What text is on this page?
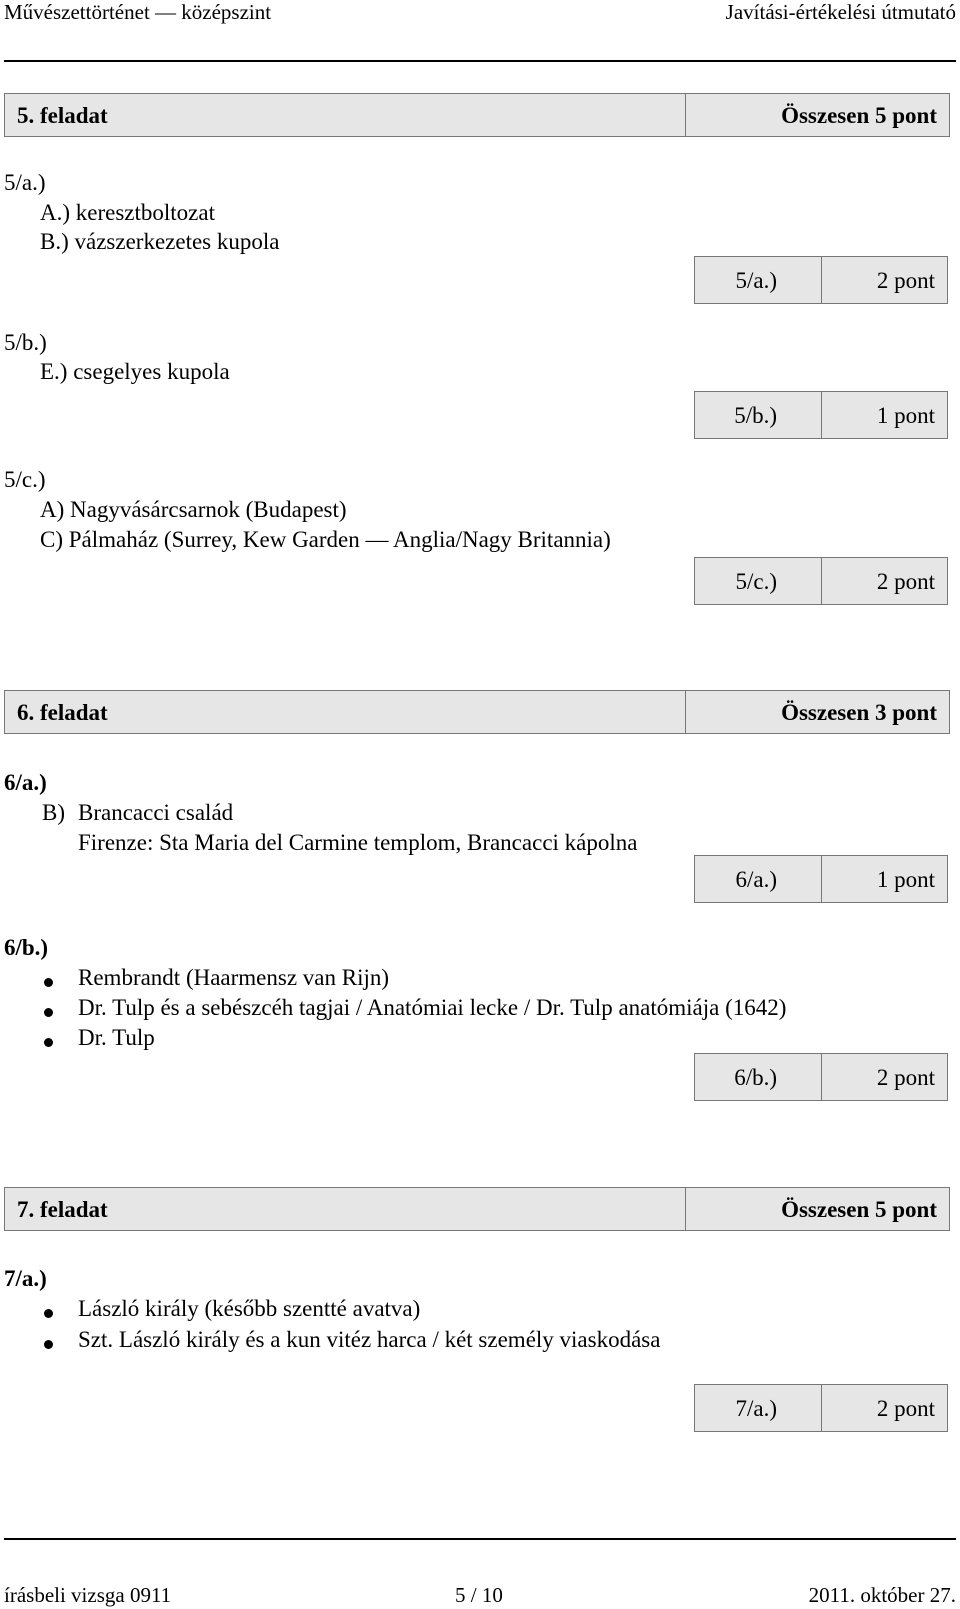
Művészettörténet — középszint	Javítási-értékelési útmutató
5. feladat	Összesen 5 pont
5/a.)
A.) keresztboltozat
B.) vázszerkezetes kupola
5/a.)	2 pont
5/b.)
E.) csegelyes kupola
5/b.)	1 pont
5/c.)
A) Nagyvásárcsarnok (Budapest)
C) Pálmaház (Surrey, Kew Garden — Anglia/Nagy Britannia)
5/c.)	2 pont
6. feladat	Összesen 3 pont
6/a.)
B) Brancacci család
Firenze: Sta Maria del Carmine templom, Brancacci kápolna
6/a.)	1 pont
6/b.)
Rembrandt (Haarmensz van Rijn)
Dr. Tulp és a sebészcéh tagjai / Anatómiai lecke / Dr. Tulp anatómiája (1642)
Dr. Tulp
6/b.)	2 pont
7. feladat	Összesen 5 pont
7/a.)
László király (később szentté avatva)
Szt. László király és a kun vitéz harca / két személy viaskodása
7/a.)	2 pont
írásbeli vizsga 0911	5 / 10	2011. október 27.
